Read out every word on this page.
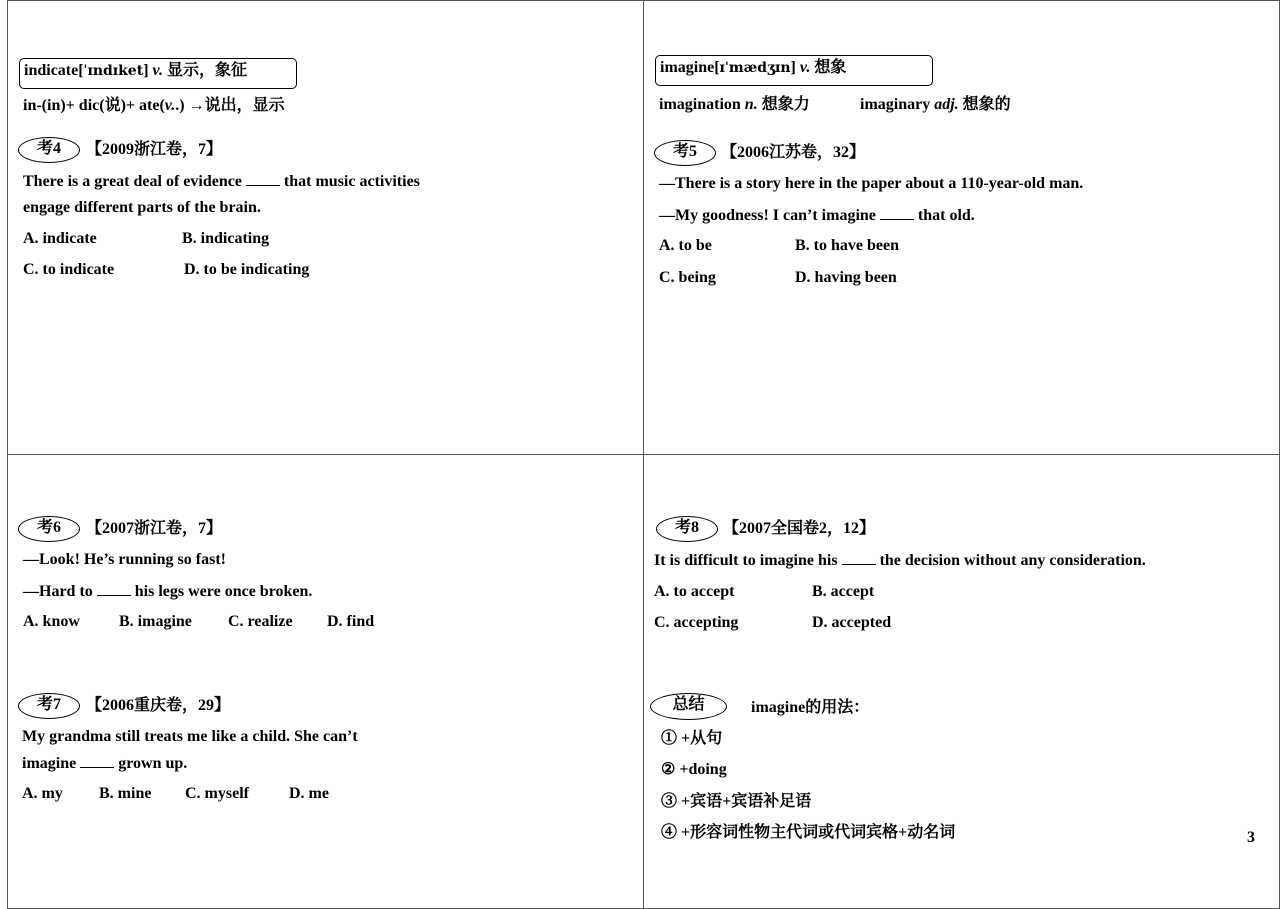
indicate[ˈɪndɪket] v. 显示，象征
in-(in)+ dic(说)+ ate(v..) →说出，显示
考4	【2009浙江卷，7】
There is a great deal of evidence	that music activities
engage different parts of the brain.
A. indicate	B. indicating
C. to indicate	D. to be indicating
imagine[ɪˈmædʒɪn] v. 想象
imagination n. 想象力	imaginary adj. 想象的
考5	【2006江苏卷，32】
—There is a story here in the paper about a 110-year-old man.
—My goodness! I can’t imagine	that old.
A. to be	B. to have been
C. being	D. having been
考6	【2007浙江卷，7】
—Look! He’s running so fast!
—Hard to	his legs were once broken.
A. know B. imagine C. realize D. find
考7	【2006重庆卷，29】
My grandma still treats me like a child. She can’t
imagine	grown up.
A. my B. mine C. myself	D. me
考8	【2007全国卷2，12】
It is difficult to imagine his	the decision without any consideration.
A. to accept	B. accept
C. accepting	D. accepted
总结	imagine的用法：
① +从句
② +doing
③ +宾语+宾语补足语
④ +形容词性物主代词或代词宾格+动名词	3
